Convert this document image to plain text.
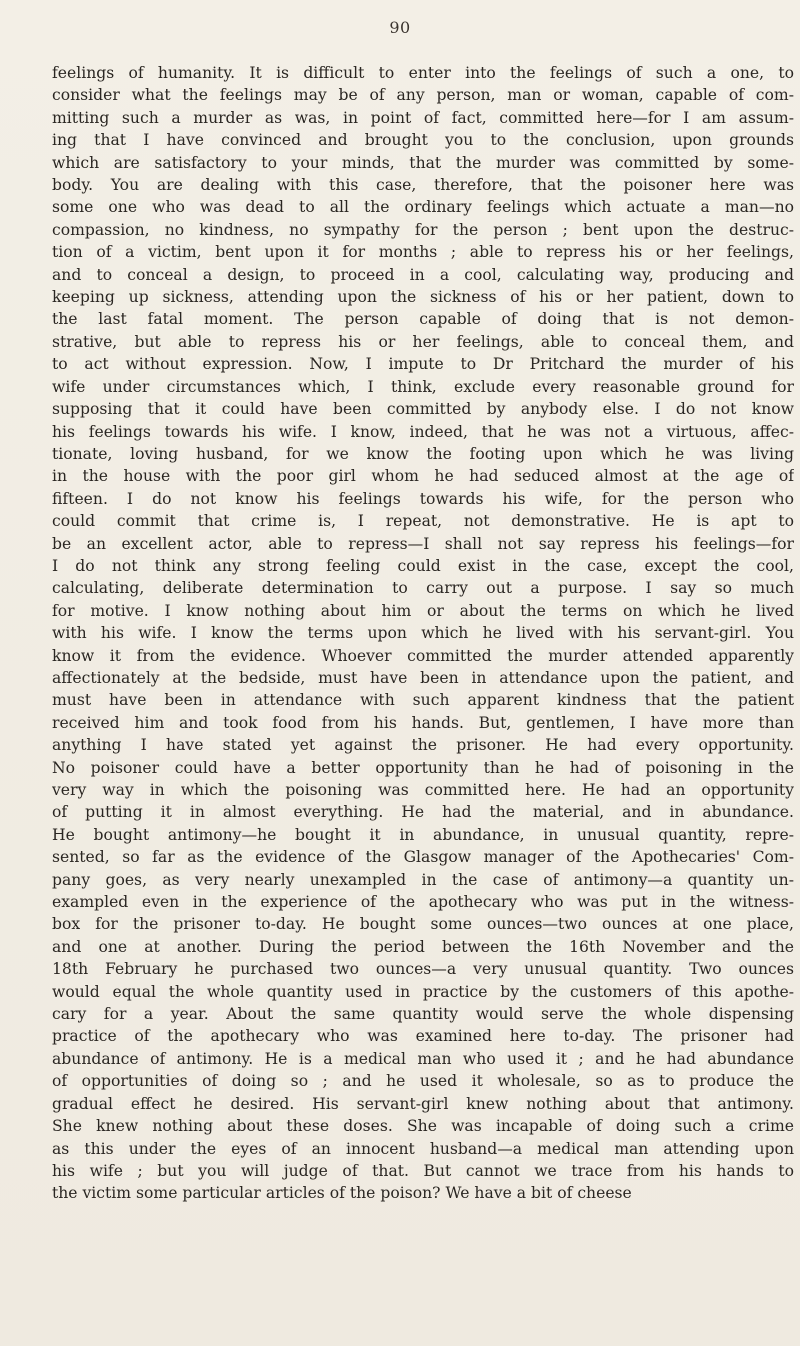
90
feelings of humanity. It is difficult to enter into the feelings of such a one, to
consider what the feelings may be of any person, man or woman, capable of com-
mitting such a murder as was, in point of fact, committed here—for I am assum-
ing that I have convinced and brought you to the conclusion, upon grounds
which are satisfactory to your minds, that the murder was committed by some-
body. You are dealing with this case, therefore, that the poisoner here was
some one who was dead to all the ordinary feelings which actuate a man—no
compassion, no kindness, no sympathy for the person ; bent upon the destruc-
tion of a victim, bent upon it for months ; able to repress his or her feelings,
and to conceal a design, to proceed in a cool, calculating way, producing and
keeping up sickness, attending upon the sickness of his or her patient, down to
the last fatal moment. The person capable of doing that is not demon-
strative, but able to repress his or her feelings, able to conceal them, and
to act without expression. Now, I impute to Dr Pritchard the murder of his
wife under circumstances which, I think, exclude every reasonable ground for
supposing that it could have been committed by anybody else. I do not know
his feelings towards his wife. I know, indeed, that he was not a virtuous, affec-
tionate, loving husband, for we know the footing upon which he was living
in the house with the poor girl whom he had seduced almost at the age of
fifteen. I do not know his feelings towards his wife, for the person who
could commit that crime is, I repeat, not demonstrative. He is apt to
be an excellent actor, able to repress—I shall not say repress his feelings—for
I do not think any strong feeling could exist in the case, except the cool,
calculating, deliberate determination to carry out a purpose. I say so much
for motive. I know nothing about him or about the terms on which he lived
with his wife. I know the terms upon which he lived with his servant-girl. You
know it from the evidence. Whoever committed the murder attended apparently
affectionately at the bedside, must have been in attendance upon the patient, and
must have been in attendance with such apparent kindness that the patient
received him and took food from his hands. But, gentlemen, I have more than
anything I have stated yet against the prisoner. He had every opportunity.
No poisoner could have a better opportunity than he had of poisoning in the
very way in which the poisoning was committed here. He had an opportunity
of putting it in almost everything. He had the material, and in abundance.
He bought antimony—he bought it in abundance, in unusual quantity, repre-
sented, so far as the evidence of the Glasgow manager of the Apothecaries' Com-
pany goes, as very nearly unexampled in the case of antimony—a quantity un-
exampled even in the experience of the apothecary who was put in the witness-
box for the prisoner to-day. He bought some ounces—two ounces at one place,
and one at another. During the period between the 16th November and the
18th February he purchased two ounces—a very unusual quantity. Two ounces
would equal the whole quantity used in practice by the customers of this apothe-
cary for a year. About the same quantity would serve the whole dispensing
practice of the apothecary who was examined here to-day. The prisoner had
abundance of antimony. He is a medical man who used it ; and he had abundance
of opportunities of doing so ; and he used it wholesale, so as to produce the
gradual effect he desired. His servant-girl knew nothing about that antimony.
She knew nothing about these doses. She was incapable of doing such a crime
as this under the eyes of an innocent husband—a medical man attending upon
his wife ; but you will judge of that. But cannot we trace from his hands to
the victim some particular articles of the poison? We have a bit of cheese
